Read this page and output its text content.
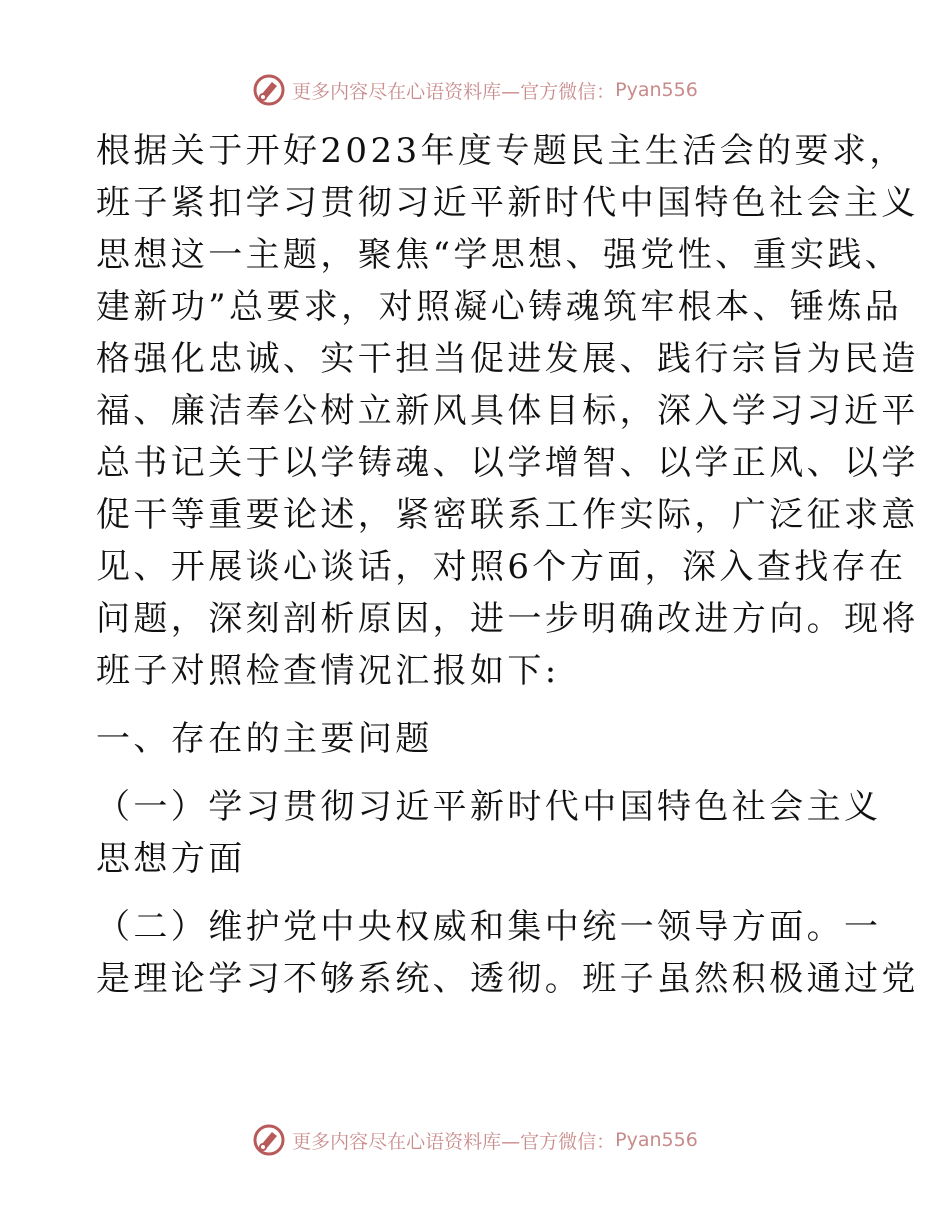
更多内容尽在心语资料库—官方微信： Pyan556
根据关于开好2023年度专题民主生活会的要求，
班子紧扣学习贯彻习近平新时代中国特色社会主义
思想这一主题，聚焦“学思想、强党性、重实践、
建新功”总要求，对照凝心铸魂筑牢根本、锤炼品
格强化忠诚、实干担当促进发展、践行宗旨为民造
福、廉洁奉公树立新风具体目标，深入学习习近平
总书记关于以学铸魂、以学增智、以学正风、以学
促干等重要论述，紧密联系工作实际，广泛征求意
见、开展谈心谈话，对照6个方面，深入查找存在
问题，深刻剖析原因，进一步明确改进方向。现将
班子对照检查情况汇报如下:
一、存在的主要问题
（一）学习贯彻习近平新时代中国特色社会主义
思想方面
（二）维护党中央权威和集中统一领导方面。一
是理论学习不够系统、透彻。班子虽然积极通过党
更多内容尽在心语资料库—官方微信： Pyan556
